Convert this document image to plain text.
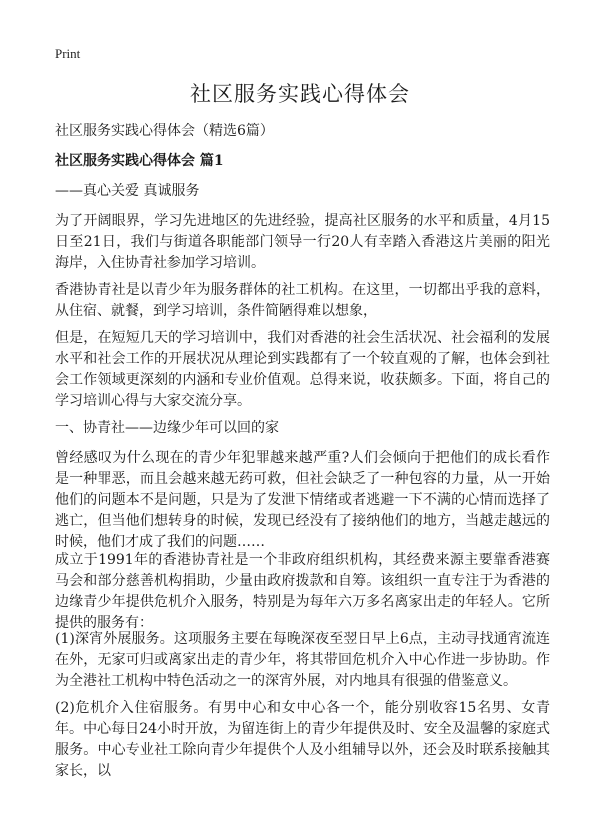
Print
社区服务实践心得体会

社区服务实践心得体会（精选6篇）

社区服务实践心得体会 篇1

——真心关爱 真诚服务

为了开阔眼界，学习先进地区的先进经验，提高社区服务的水平和质量，4月15日至21日，我们与街道各职能部门领导一行20人有幸踏入香港这片美丽的阳光海岸，入住协青社参加学习培训。

香港协青社是以青少年为服务群体的社工机构。在这里，一切都出乎我的意料，从住宿、就餐，到学习培训，条件简陋得难以想象，

但是，在短短几天的学习培训中，我们对香港的社会生活状况、社会福利的发展水平和社会工作的开展状况从理论到实践都有了一个较直观的了解，也体会到社会工作领域更深刻的内涵和专业价值观。总得来说，收获颇多。下面，将自己的学习培训心得与大家交流分享。

一、协青社——边缘少年可以回的家

曾经感叹为什么现在的青少年犯罪越来越严重?人们会倾向于把他们的成长看作是一种罪恶，而且会越来越无药可救，但社会缺乏了一种包容的力量，从一开始他们的问题本不是问题，只是为了发泄下情绪或者逃避一下不满的心情而选择了逃亡，但当他们想转身的时候，发现已经没有了接纳他们的地方，当越走越远的时候，他们才成了我们的问题……

成立于1991年的香港协青社是一个非政府组织机构，其经费来源主要靠香港赛马会和部分慈善机构捐助，少量由政府拨款和自筹。该组织一直专注于为香港的边缘青少年提供危机介入服务，特别是为每年六万多名离家出走的年轻人。它所提供的服务有：

(1)深宵外展服务。这项服务主要在每晚深夜至翌日早上6点，主动寻找通宵流连在外，无家可归或离家出走的青少年，将其带回危机介入中心作进一步协助。作为全港社工机构中特色活动之一的深宵外展，对内地具有很强的借鉴意义。

(2)危机介入住宿服务。有男中心和女中心各一个，能分别收容15名男、女青年。中心每日24小时开放，为留连街上的青少年提供及时、安全及温馨的家庭式服务。中心专业社工除向青少年提供个人及小组辅导以外，还会及时联系接触其家长，以
